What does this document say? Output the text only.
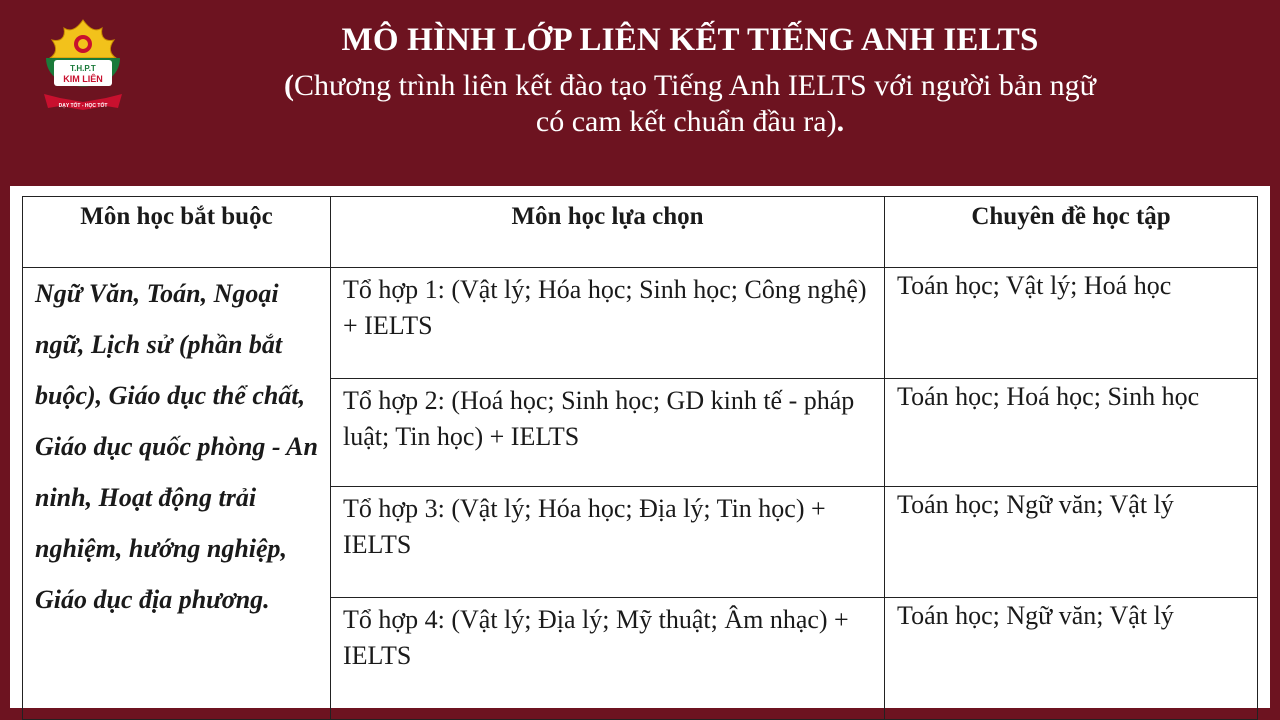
T.H.P.T
KIM LIÊN
DẠY TỐT - HỌC TỐT
MÔ HÌNH LỚP LIÊN KẾT TIẾNG ANH IELTS
(Chương trình liên kết đào tạo Tiếng Anh IELTS với người bản ngữ
có cam kết chuẩn đầu ra).
Môn học bắt buộc	Môn học lựa chọn	Chuyên đề học tập
Ngữ Văn, Toán, Ngoại ngữ, Lịch sử (phần bắt buộc), Giáo dục thể chất, Giáo dục quốc phòng - An ninh, Hoạt động trải nghiệm, hướng nghiệp, Giáo dục địa phương.	Tổ hợp 1: (Vật lý; Hóa học; Sinh học; Công nghệ) + IELTS	Toán học; Vật lý; Hoá học
	Tổ hợp 2: (Hoá học; Sinh học; GD kinh tế - pháp luật; Tin học) + IELTS	Toán học; Hoá học; Sinh học
	Tổ hợp 3: (Vật lý; Hóa học; Địa lý; Tin học) + IELTS	Toán học; Ngữ văn; Vật lý
	Tổ hợp 4: (Vật lý; Địa lý; Mỹ thuật; Âm nhạc) + IELTS	Toán học; Ngữ văn; Vật lý
